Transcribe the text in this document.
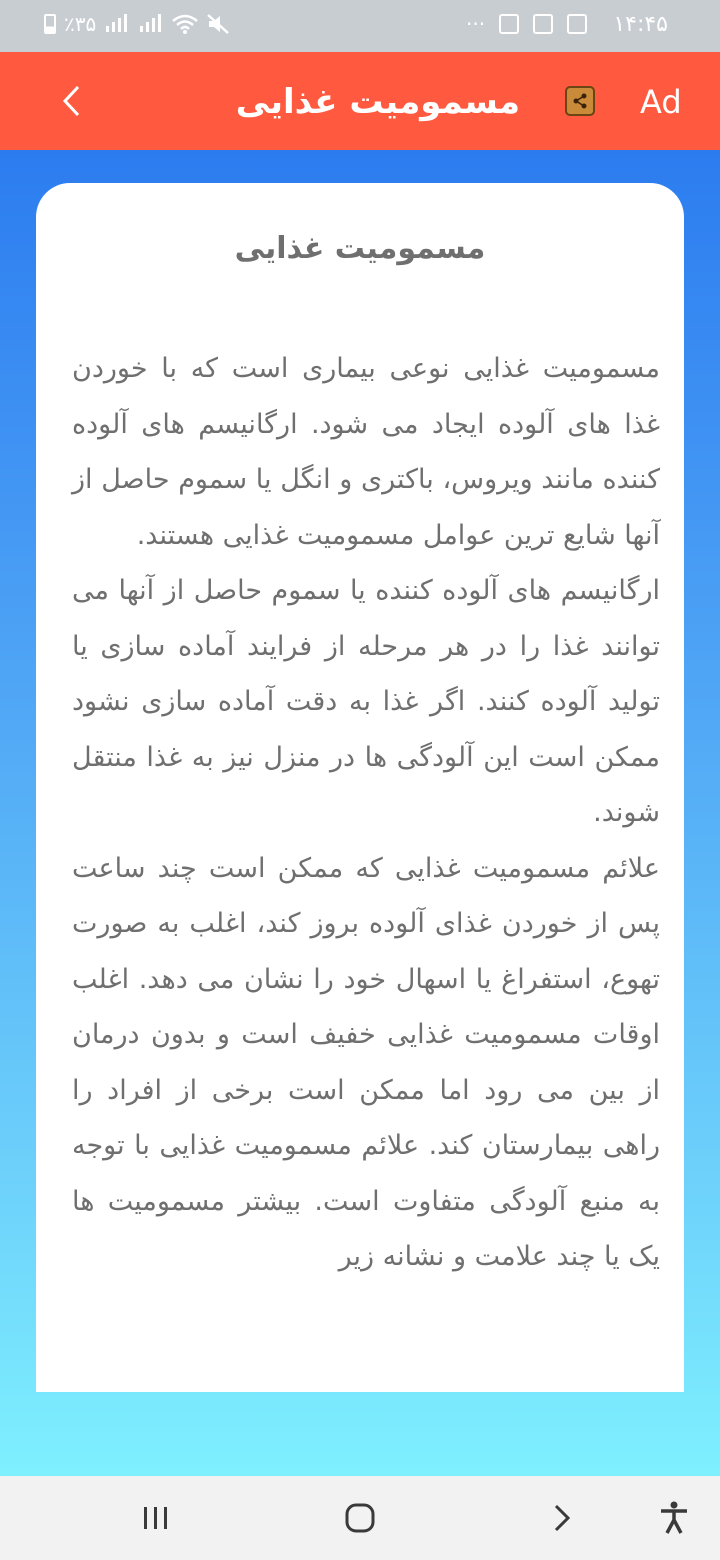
٪۳۵	···	۱۴:۴۵
مسمومیت غذایی	Ad
مسمومیت غذایی

مسمومیت غذایی نوعی بیماری است که با خوردن غذا های آلوده ایجاد می شود. ارگانیسم های آلوده کننده مانند ویروس، باکتری و انگل یا سموم حاصل از آنها شایع ترین عوامل مسمومیت غذایی هستند.

ارگانیسم های آلوده کننده یا سموم حاصل از آنها می توانند غذا را در هر مرحله از فرایند آماده سازی یا تولید آلوده کنند. اگر غذا به دقت آماده سازی نشود ممکن است این آلودگی ها در منزل نیز به غذا منتقل شوند.

علائم مسمومیت غذایی که ممکن است چند ساعت پس از خوردن غذای آلوده بروز کند، اغلب به صورت تهوع، استفراغ یا اسهال خود را نشان می دهد. اغلب اوقات مسمومیت غذایی خفیف است و بدون درمان از بین می رود اما ممکن است برخی از افراد را راهی بیمارستان کند. علائم مسمومیت غذایی با توجه به منبع آلودگی متفاوت است. بیشتر مسمومیت ها یک یا چند علامت و نشانه زیر
